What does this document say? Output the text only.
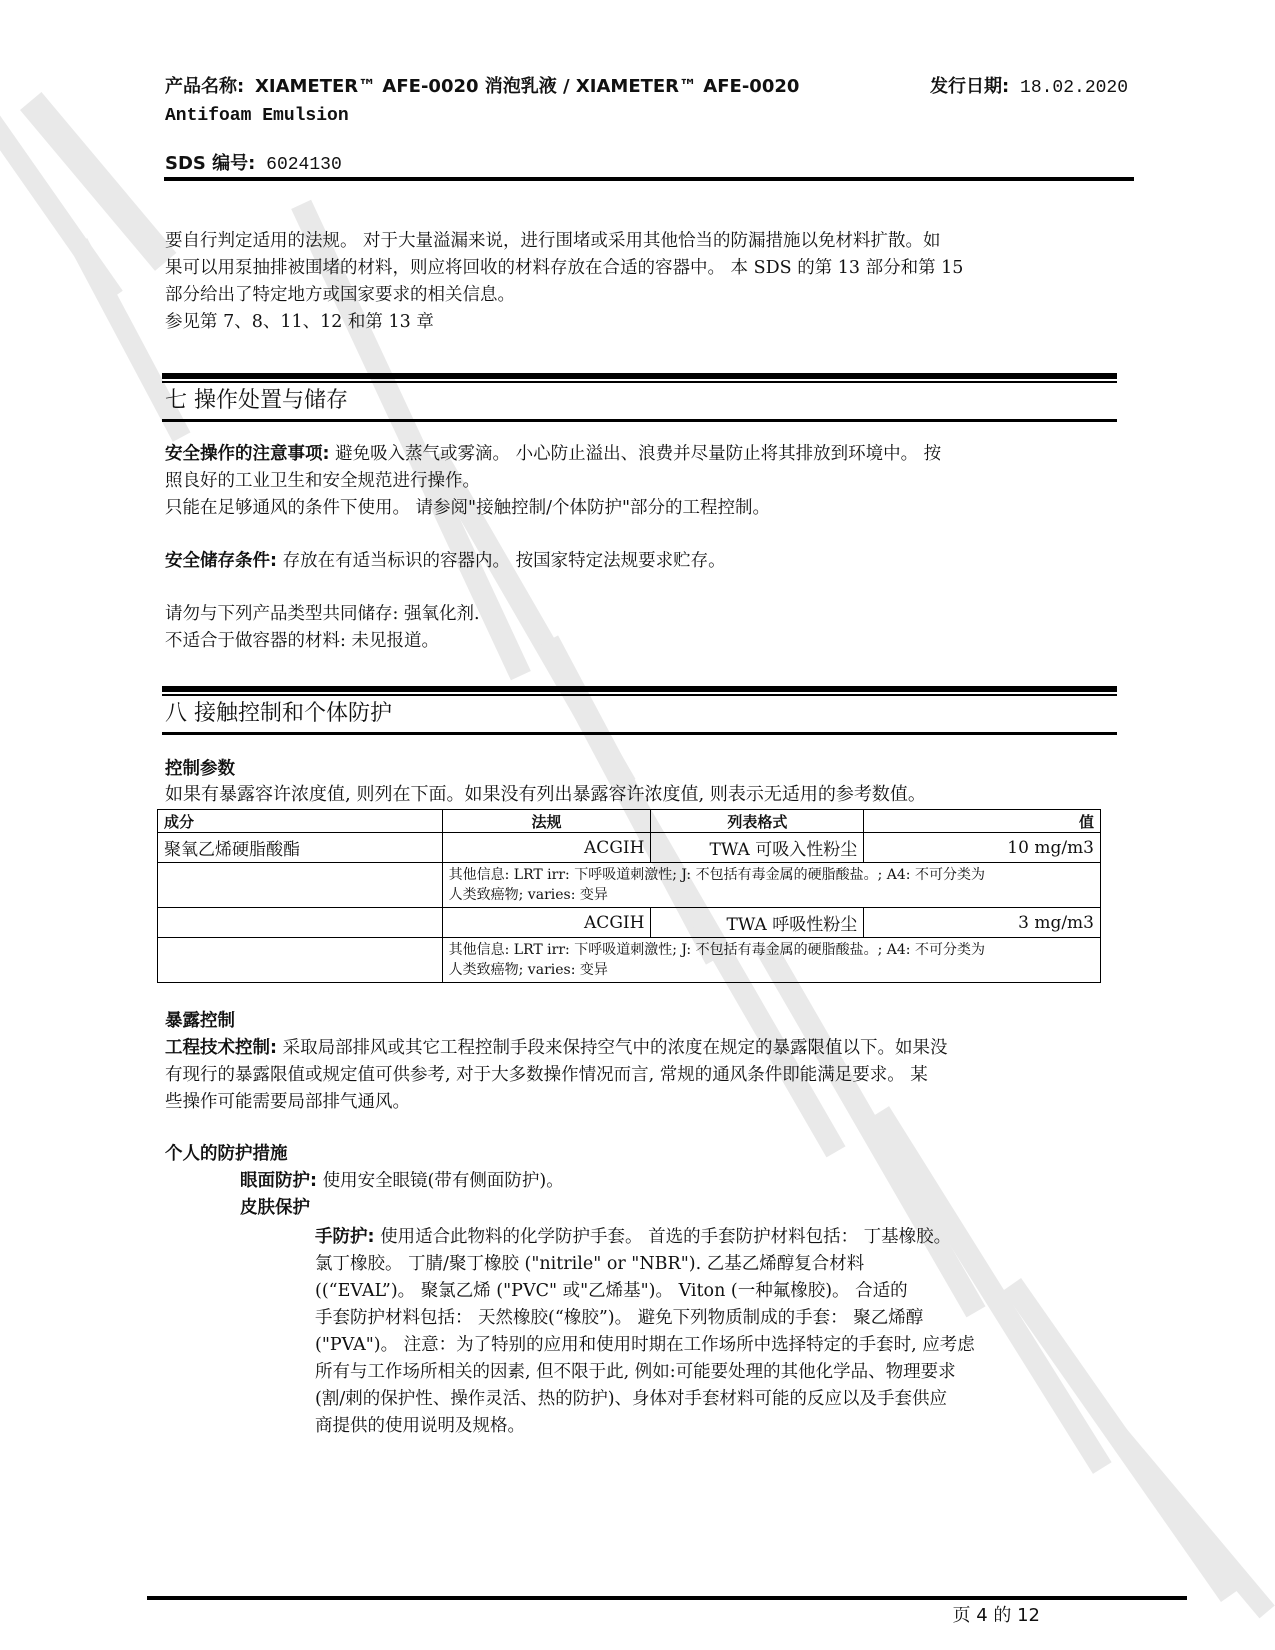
产品名称: XIAMETER™ AFE-0020 消泡乳液 / XIAMETER™ AFE-0020
Antifoam Emulsion
发行日期: 18.02.2020
SDS 编号: 6024130
要自行判定适用的法规。 对于大量溢漏来说，进行围堵或采用其他恰当的防漏措施以免材料扩散。如
果可以用泵抽排被围堵的材料，则应将回收的材料存放在合适的容器中。 本 SDS 的第 13 部分和第 15
部分给出了特定地方或国家要求的相关信息。
参见第 7、8、11、12 和第 13 章
七 操作处置与储存
安全操作的注意事项: 避免吸入蒸气或雾滴。 小心防止溢出、浪费并尽量防止将其排放到环境中。 按
照良好的工业卫生和安全规范进行操作。
只能在足够通风的条件下使用。 请参阅"接触控制/个体防护"部分的工程控制。
安全储存条件: 存放在有适当标识的容器内。 按国家特定法规要求贮存。
请勿与下列产品类型共同储存: 强氧化剂.
不适合于做容器的材料: 未见报道。
八 接触控制和个体防护
控制参数
如果有暴露容许浓度值, 则列在下面。如果没有列出暴露容许浓度值, 则表示无适用的参考数值。
成分	法规	列表格式	值
聚氧乙烯硬脂酸酯	ACGIH	TWA 可吸入性粉尘	10 mg/m3

	其他信息: LRT irr: 下呼吸道刺激性; J: 不包括有毒金属的硬脂酸盐。; A4: 不可分类为
人类致癌物; varies: 变异		

	ACGIH	TWA 呼吸性粉尘	3 mg/m3

	其他信息: LRT irr: 下呼吸道刺激性; J: 不包括有毒金属的硬脂酸盐。; A4: 不可分类为
人类致癌物; varies: 变异		
暴露控制
工程技术控制: 采取局部排风或其它工程控制手段来保持空气中的浓度在规定的暴露限值以下。如果没
有现行的暴露限值或规定值可供参考, 对于大多数操作情况而言, 常规的通风条件即能满足要求。 某
些操作可能需要局部排气通风。
个人的防护措施
眼面防护: 使用安全眼镜(带有侧面防护)。
皮肤保护
手防护: 使用适合此物料的化学防护手套。 首选的手套防护材料包括： 丁基橡胶。
氯丁橡胶。 丁腈/聚丁橡胶 ("nitrile" or "NBR"). 乙基乙烯醇复合材料
((“EVAL”)。 聚氯乙烯 ("PVC" 或"乙烯基")。 Viton (一种氟橡胶)。 合适的
手套防护材料包括： 天然橡胶(“橡胶”)。 避免下列物质制成的手套： 聚乙烯醇
("PVA")。 注意：为了特别的应用和使用时期在工作场所中选择特定的手套时, 应考虑
所有与工作场所相关的因素, 但不限于此, 例如:可能要处理的其他化学品、物理要求
(割/刺的保护性、操作灵活、热的防护)、身体对手套材料可能的反应以及手套供应
商提供的使用说明及规格。
页 4 的 12
